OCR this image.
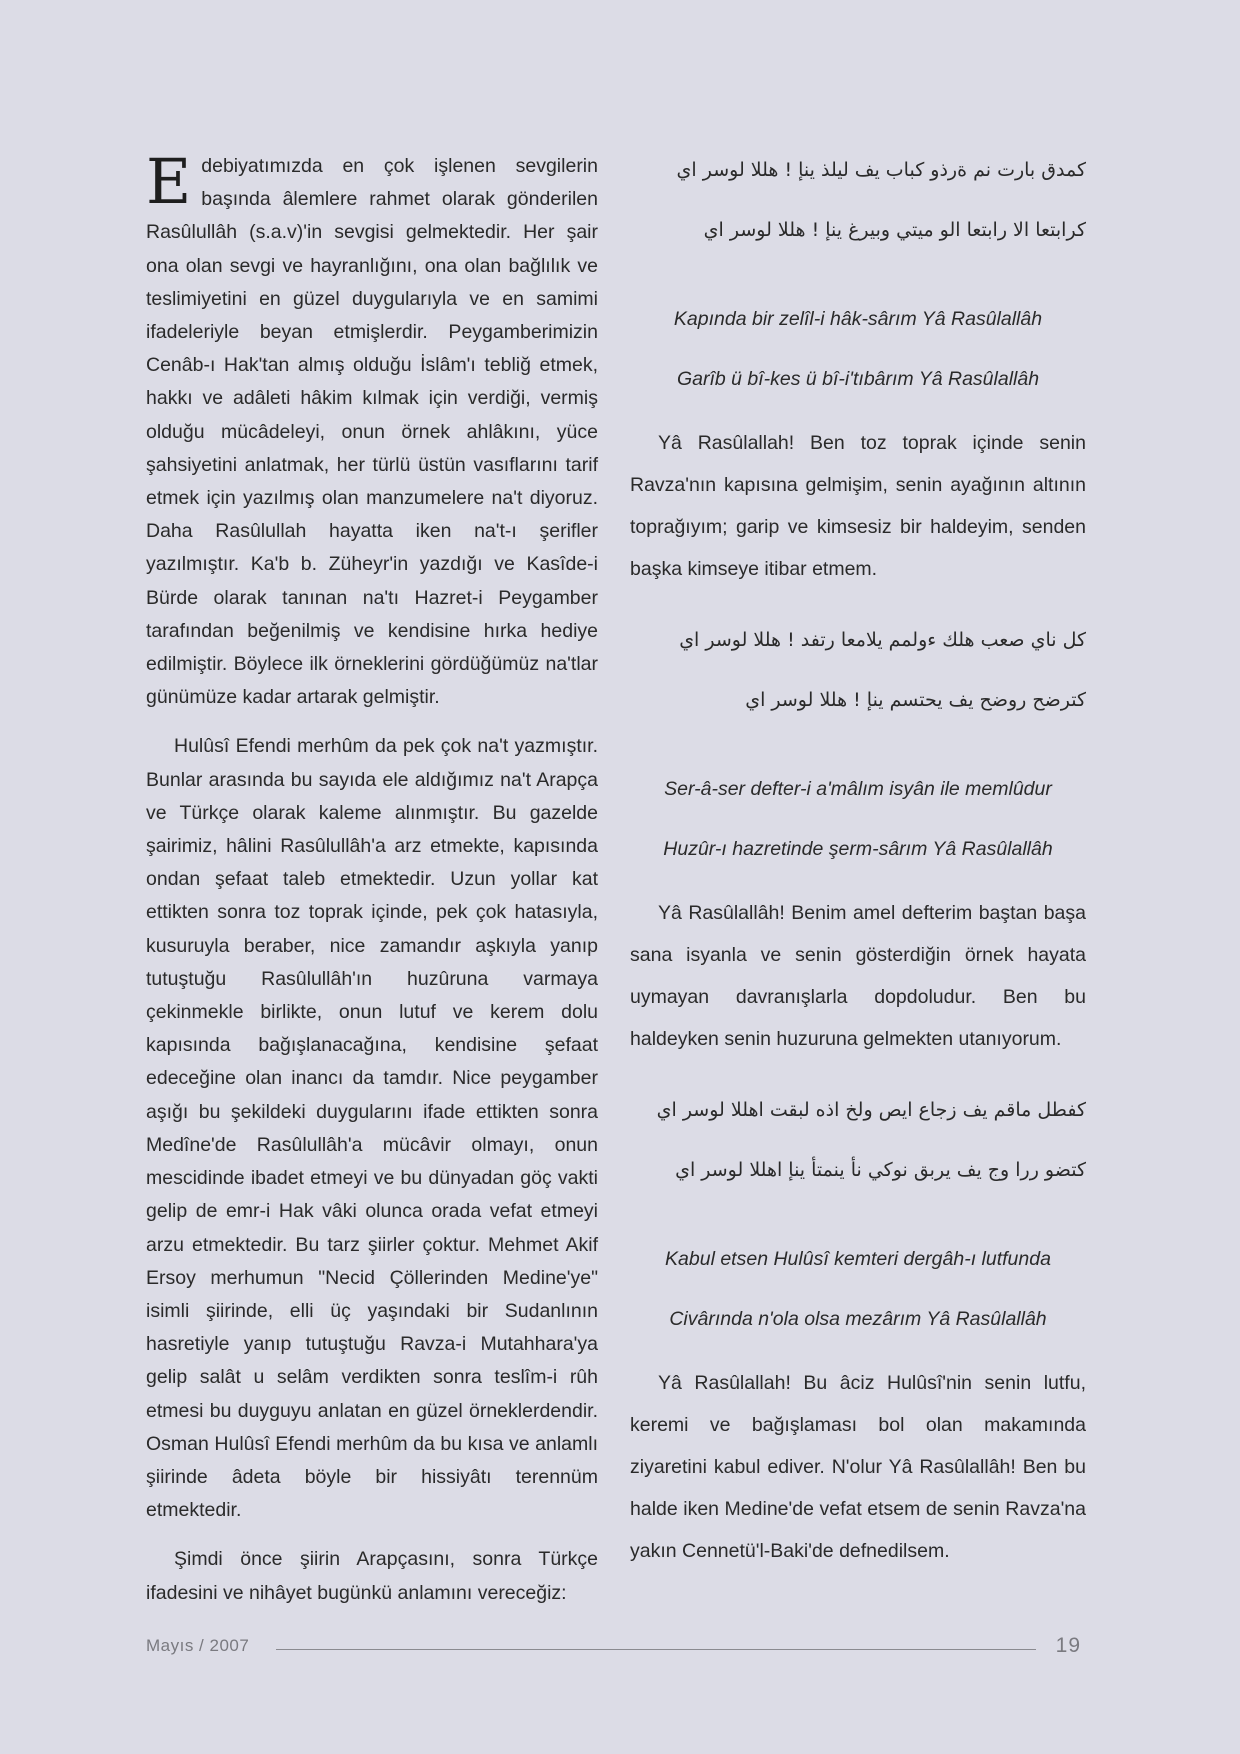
Edebiyatımızda en çok işlenen sevgilerin başında âlemlere rahmet olarak gönderilen Rasûlullâh (s.a.v)'in sevgisi gelmektedir. Her şair ona olan sevgi ve hayranlığını, ona olan bağlılık ve teslimiyetini en güzel duygularıyla ve en samimi ifadeleriyle beyan etmişlerdir. Peygamberimizin Cenâb-ı Hak'tan almış olduğu İslâm'ı tebliğ etmek, hakkı ve adâleti hâkim kılmak için verdiği, vermiş olduğu mücâdeleyi, onun örnek ahlâkını, yüce şahsiyetini anlatmak, her türlü üstün vasıflarını tarif etmek için yazılmış olan manzumelere na't diyoruz. Daha Rasûlullah hayatta iken na't-ı şerifler yazılmıştır. Ka'b b. Züheyr'in yazdığı ve Kasîde-i Bürde olarak tanınan na'tı Hazret-i Peygamber tarafından beğenilmiş ve kendisine hırka hediye edilmiştir. Böylece ilk örneklerini gördüğümüz na'tlar günümüze kadar artarak gelmiştir.

Hulûsî Efendi merhûm da pek çok na't yazmıştır. Bunlar arasında bu sayıda ele aldığımız na't Arapça ve Türkçe olarak kaleme alınmıştır. Bu gazelde şairimiz, hâlini Rasûlullâh'a arz etmekte, kapısında ondan şefaat taleb etmektedir. Uzun yollar kat ettikten sonra toz toprak içinde, pek çok hatasıyla, kusuruyla beraber, nice zamandır aşkıyla yanıp tutuştuğu Rasûlullâh'ın huzûruna varmaya çekinmekle birlikte, onun lutuf ve kerem dolu kapısında bağışlanacağına, kendisine şefaat edeceğine olan inancı da tamdır. Nice peygamber aşığı bu şekildeki duygularını ifade ettikten sonra Medîne'de Rasûlullâh'a mücâvir olmayı, onun mescidinde ibadet etmeyi ve bu dünyadan göç vakti gelip de emr-i Hak vâki olunca orada vefat etmeyi arzu etmektedir. Bu tarz şiirler çoktur. Mehmet Akif Ersoy merhumun "Necid Çöllerinden Medine'ye" isimli şiirinde, elli üç yaşındaki bir Sudanlının hasretiyle yanıp tutuştuğu Ravza-i Mutahhara'ya gelip salât u selâm verdikten sonra teslîm-i rûh etmesi bu duyguyu anlatan en güzel örneklerdendir. Osman Hulûsî Efendi merhûm da bu kısa ve anlamlı şiirinde âdeta böyle bir hissiyâtı terennüm etmektedir.

Şimdi önce şiirin Arapçasını, sonra Türkçe ifadesini ve nihâyet bugünkü anlamını vereceğiz:

كمدق بارت نم ةرذو كباب يف ليلذ ينإ ! هللا لوسر اي
كرابتعا الا رابتعا الو ميتي وبيرغ ينإ ! هللا لوسر اي
Kapında bir zelîl-i hâk-sârım Yâ Rasûlallâh
Garîb ü bî-kes ü bî-i'tıbârım Yâ Rasûlallâh

Yâ Rasûlallah! Ben toz toprak içinde senin Ravza'nın kapısına gelmişim, senin ayağının altının toprağıyım; garip ve kimsesiz bir haldeyim, senden başka kimseye itibar etmem.

كل ناي صعب هلك ءولمم يلامعا رتفد ! هللا لوسر اي
كترضح روضح يف يحتسم ينإ ! هللا لوسر اي
Ser-â-ser defter-i a'mâlım isyân ile memlûdur
Huzûr-ı hazretinde şerm-sârım Yâ Rasûlallâh

Yâ Rasûlallâh! Benim amel defterim baştan başa sana isyanla ve senin gösterdiğin örnek hayata uymayan davranışlarla dopdoludur. Ben bu haldeyken senin huzuruna gelmekten utanıyorum.

كفطل ماقم يف زجاع ايص ولخ اذه لبقت اهللا لوسر اي
كتضو ررا وج يف يربق نوكي نأ ينمتأ ينإ اهللا لوسر اي
Kabul etsen Hulûsî kemteri dergâh-ı lutfunda
Civârında n'ola olsa mezârım Yâ Rasûlallâh

Yâ Rasûlallah! Bu âciz Hulûsî'nin senin lutfu, keremi ve bağışlaması bol olan makamında ziyaretini kabul ediver. N'olur Yâ Rasûlallâh! Ben bu halde iken Medine'de vefat etsem de senin Ravza'na yakın Cennetü'l-Baki'de defnedilsem.

Mayıs / 2007	19
